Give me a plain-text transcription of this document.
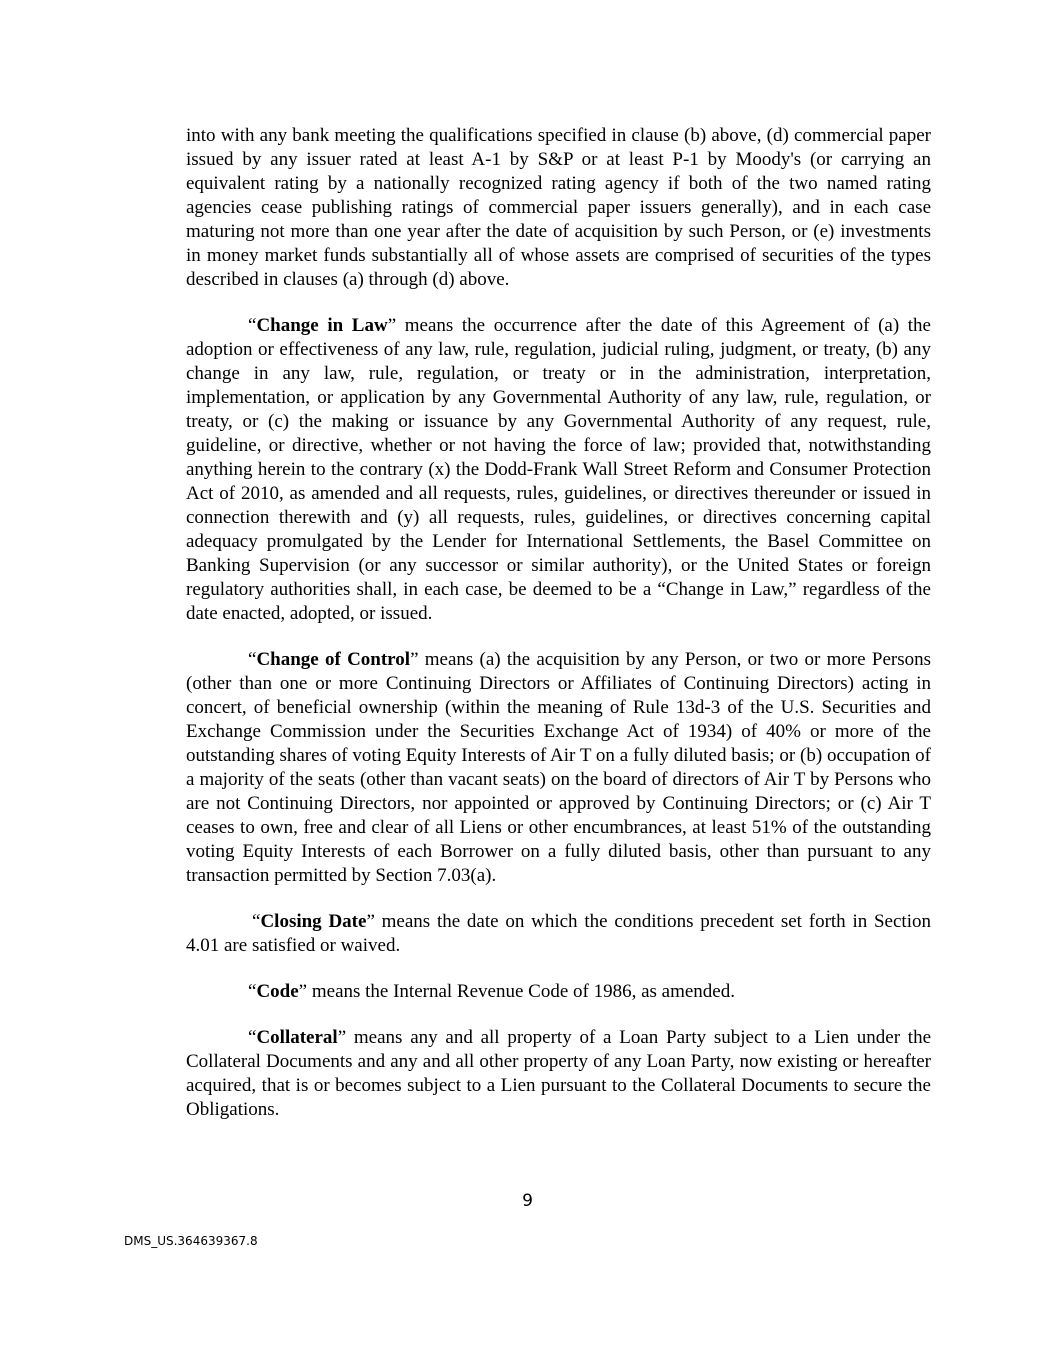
into with any bank meeting the qualifications specified in clause (b) above, (d) commercial paper issued by any issuer rated at least A-1 by S&P or at least P-1 by Moody's (or carrying an equivalent rating by a nationally recognized rating agency if both of the two named rating agencies cease publishing ratings of commercial paper issuers generally), and in each case maturing not more than one year after the date of acquisition by such Person, or (e) investments in money market funds substantially all of whose assets are comprised of securities of the types described in clauses (a) through (d) above.

“Change in Law” means the occurrence after the date of this Agreement of (a) the adoption or effectiveness of any law, rule, regulation, judicial ruling, judgment, or treaty, (b) any change in any law, rule, regulation, or treaty or in the administration, interpretation, implementation, or application by any Governmental Authority of any law, rule, regulation, or treaty, or (c) the making or issuance by any Governmental Authority of any request, rule, guideline, or directive, whether or not having the force of law; provided that, notwithstanding anything herein to the contrary (x) the Dodd-Frank Wall Street Reform and Consumer Protection Act of 2010, as amended and all requests, rules, guidelines, or directives thereunder or issued in connection therewith and (y) all requests, rules, guidelines, or directives concerning capital adequacy promulgated by the Lender for International Settlements, the Basel Committee on Banking Supervision (or any successor or similar authority), or the United States or foreign regulatory authorities shall, in each case, be deemed to be a “Change in Law,” regardless of the date enacted, adopted, or issued.

“Change of Control” means (a) the acquisition by any Person, or two or more Persons (other than one or more Continuing Directors or Affiliates of Continuing Directors) acting in concert, of beneficial ownership (within the meaning of Rule 13d-3 of the U.S. Securities and Exchange Commission under the Securities Exchange Act of 1934) of 40% or more of the outstanding shares of voting Equity Interests of Air T on a fully diluted basis; or (b) occupation of a majority of the seats (other than vacant seats) on the board of directors of Air T by Persons who are not Continuing Directors, nor appointed or approved by Continuing Directors; or (c) Air T ceases to own, free and clear of all Liens or other encumbrances, at least 51% of the outstanding voting Equity Interests of each Borrower on a fully diluted basis, other than pursuant to any transaction permitted by Section 7.03(a).

“Closing Date” means the date on which the conditions precedent set forth in Section 4.01 are satisfied or waived.

“Code” means the Internal Revenue Code of 1986, as amended.

“Collateral” means any and all property of a Loan Party subject to a Lien under the Collateral Documents and any and all other property of any Loan Party, now existing or hereafter acquired, that is or becomes subject to a Lien pursuant to the Collateral Documents to secure the Obligations.

9
DMS_US.364639367.8
